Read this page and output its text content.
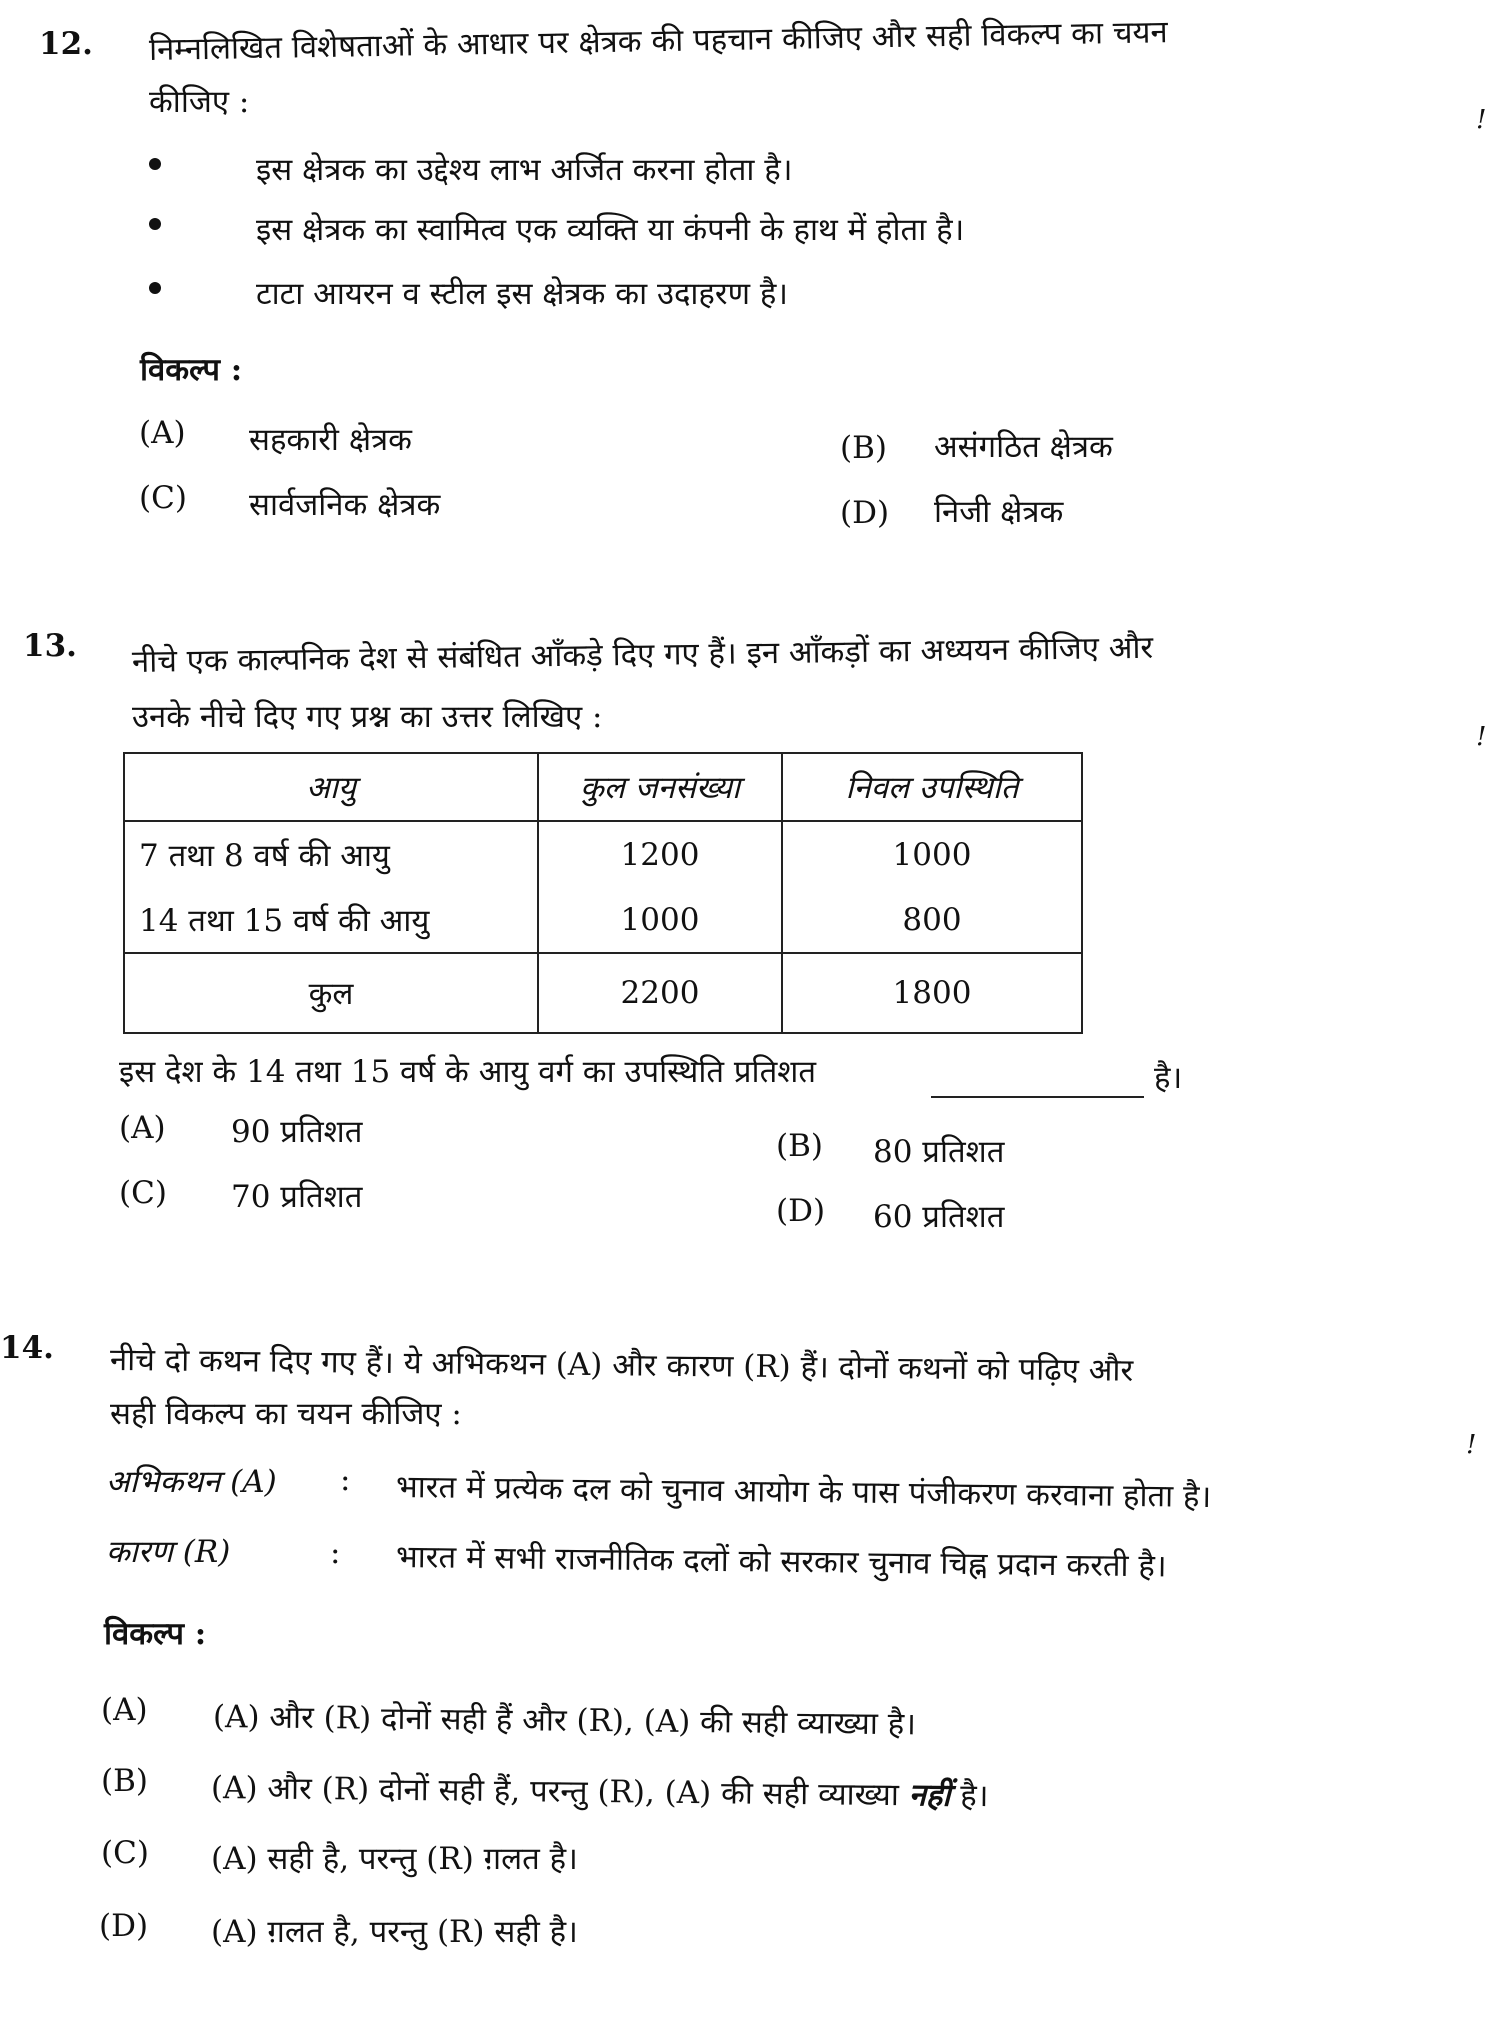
12. निम्नलिखित विशेषताओं के आधार पर क्षेत्रक की पहचान कीजिए और सही विकल्प का चयन
कीजिए :	!
इस क्षेत्रक का उद्देश्य लाभ अर्जित करना होता है।
इस क्षेत्रक का स्वामित्व एक व्यक्ति या कंपनी के हाथ में होता है।
टाटा आयरन व स्टील इस क्षेत्रक का उदाहरण है।
विकल्प :
(A) सहकारी क्षेत्रक	(B) असंगठित क्षेत्रक
(C) सार्वजनिक क्षेत्रक	(D) निजी क्षेत्रक
13. नीचे एक काल्पनिक देश से संबंधित आँकड़े दिए गए हैं। इन आँकड़ों का अध्ययन कीजिए और
उनके नीचे दिए गए प्रश्न का उत्तर लिखिए :
!
आयु	कुल जनसंख्या	निवल उपस्थिति
7 तथा 8 वर्ष की आयु	1200	1000
14 तथा 15 वर्ष की आयु	1000	800
कुल	2200	1800
इस देश के 14 तथा 15 वर्ष के आयु वर्ग का उपस्थिति प्रतिशत	है।
(A) 90 प्रतिशत	(B) 80 प्रतिशत
(C) 70 प्रतिशत	(D) 60 प्रतिशत
14. नीचे दो कथन दिए गए हैं। ये अभिकथन (A) और कारण (R) हैं। दोनों कथनों को पढ़िए और
सही विकल्प का चयन कीजिए :
!
अभिकथन (A) : भारत में प्रत्येक दल को चुनाव आयोग के पास पंजीकरण करवाना होता है।
कारण (R)	: भारत में सभी राजनीतिक दलों को सरकार चुनाव चिह्न प्रदान करती है।
विकल्प :
(A) (A) और (R) दोनों सही हैं और (R), (A) की सही व्याख्या है।
(B) (A) और (R) दोनों सही हैं, परन्तु (R), (A) की सही व्याख्या नहीं है।
(C) (A) सही है, परन्तु (R) ग़लत है।
(D) (A) ग़लत है, परन्तु (R) सही है।
